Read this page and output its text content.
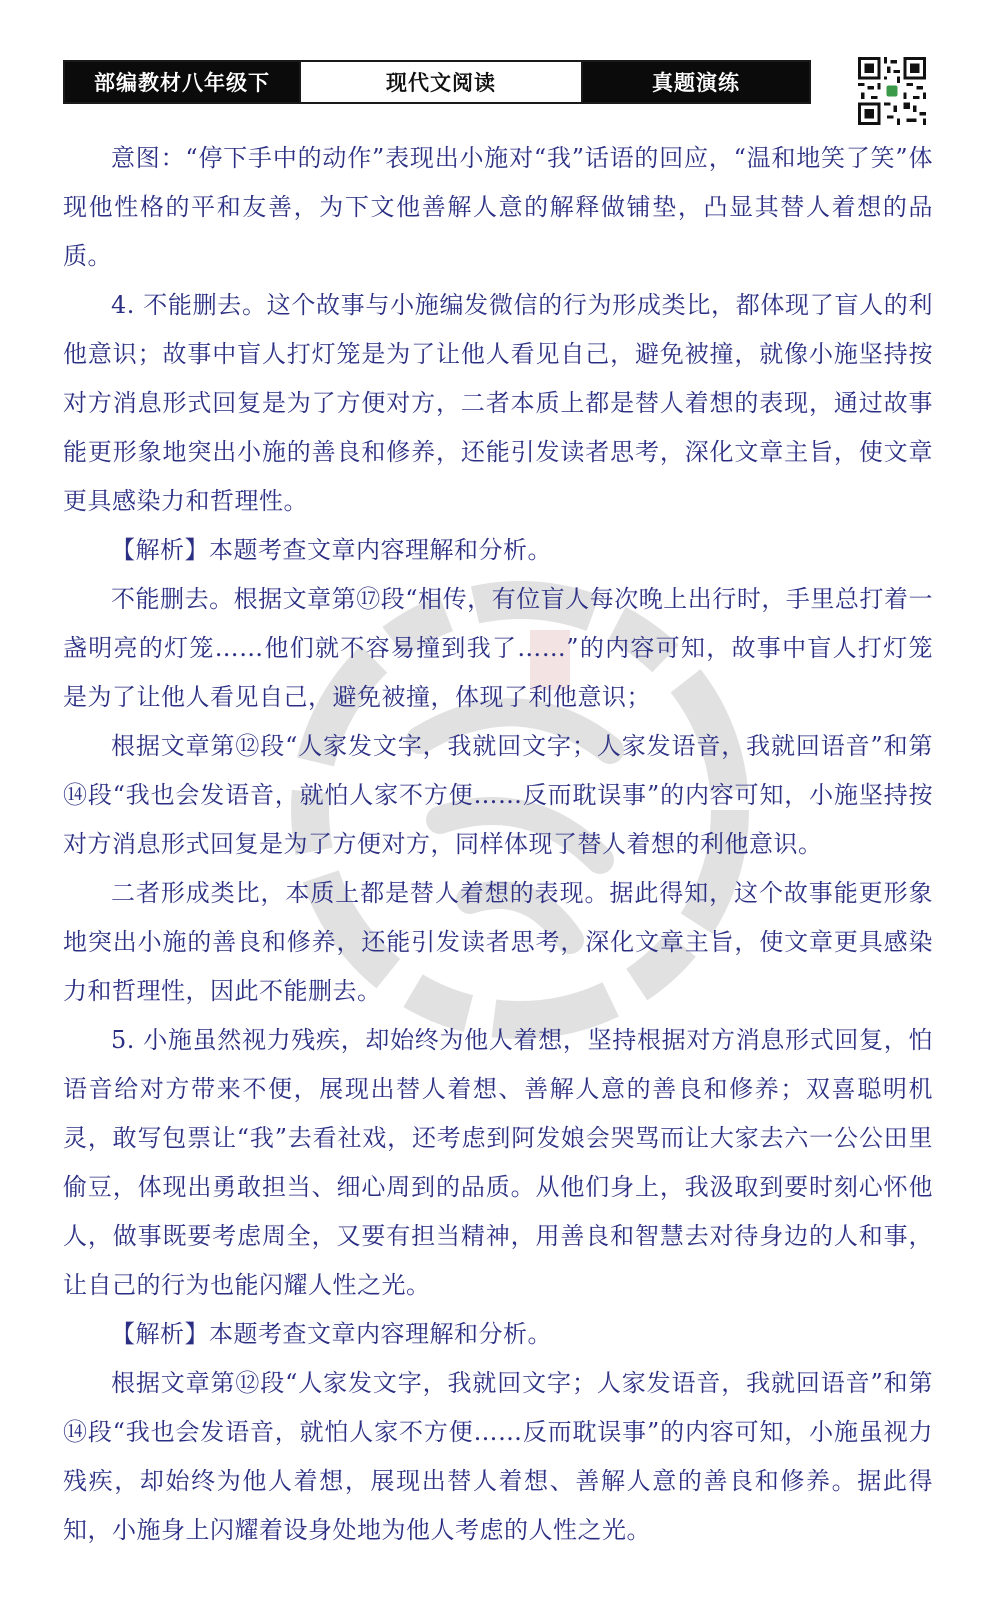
部编教材八年级下	现代文阅读	真题演练

意图：“停下手中的动作”表现出小施对“我”话语的回应，“温和地笑了笑”体现他性格的平和友善，为下文他善解人意的解释做铺垫，凸显其替人着想的品质。

4. 不能删去。这个故事与小施编发微信的行为形成类比，都体现了盲人的利他意识；故事中盲人打灯笼是为了让他人看见自己，避免被撞，就像小施坚持按对方消息形式回复是为了方便对方，二者本质上都是替人着想的表现，通过故事能更形象地突出小施的善良和修养，还能引发读者思考，深化文章主旨，使文章更具感染力和哲理性。

【解析】本题考查文章内容理解和分析。

不能删去。根据文章第⑰段“相传，有位盲人每次晚上出行时，手里总打着一盏明亮的灯笼……他们就不容易撞到我了……”的内容可知，故事中盲人打灯笼是为了让他人看见自己，避免被撞，体现了利他意识；

根据文章第⑫段“人家发文字，我就回文字；人家发语音，我就回语音”和第⑭段“我也会发语音，就怕人家不方便……反而耽误事”的内容可知，小施坚持按对方消息形式回复是为了方便对方，同样体现了替人着想的利他意识。

二者形成类比，本质上都是替人着想的表现。据此得知，这个故事能更形象地突出小施的善良和修养，还能引发读者思考，深化文章主旨，使文章更具感染力和哲理性，因此不能删去。

5. 小施虽然视力残疾，却始终为他人着想，坚持根据对方消息形式回复，怕语音给对方带来不便，展现出替人着想、善解人意的善良和修养；双喜聪明机灵，敢写包票让“我”去看社戏，还考虑到阿发娘会哭骂而让大家去六一公公田里偷豆，体现出勇敢担当、细心周到的品质。从他们身上，我汲取到要时刻心怀他人，做事既要考虑周全，又要有担当精神，用善良和智慧去对待身边的人和事，让自己的行为也能闪耀人性之光。

【解析】本题考查文章内容理解和分析。

根据文章第⑫段“人家发文字，我就回文字；人家发语音，我就回语音”和第⑭段“我也会发语音，就怕人家不方便……反而耽误事”的内容可知，小施虽视力残疾，却始终为他人着想，展现出替人着想、善解人意的善良和修养。据此得知，小施身上闪耀着设身处地为他人考虑的人性之光。
